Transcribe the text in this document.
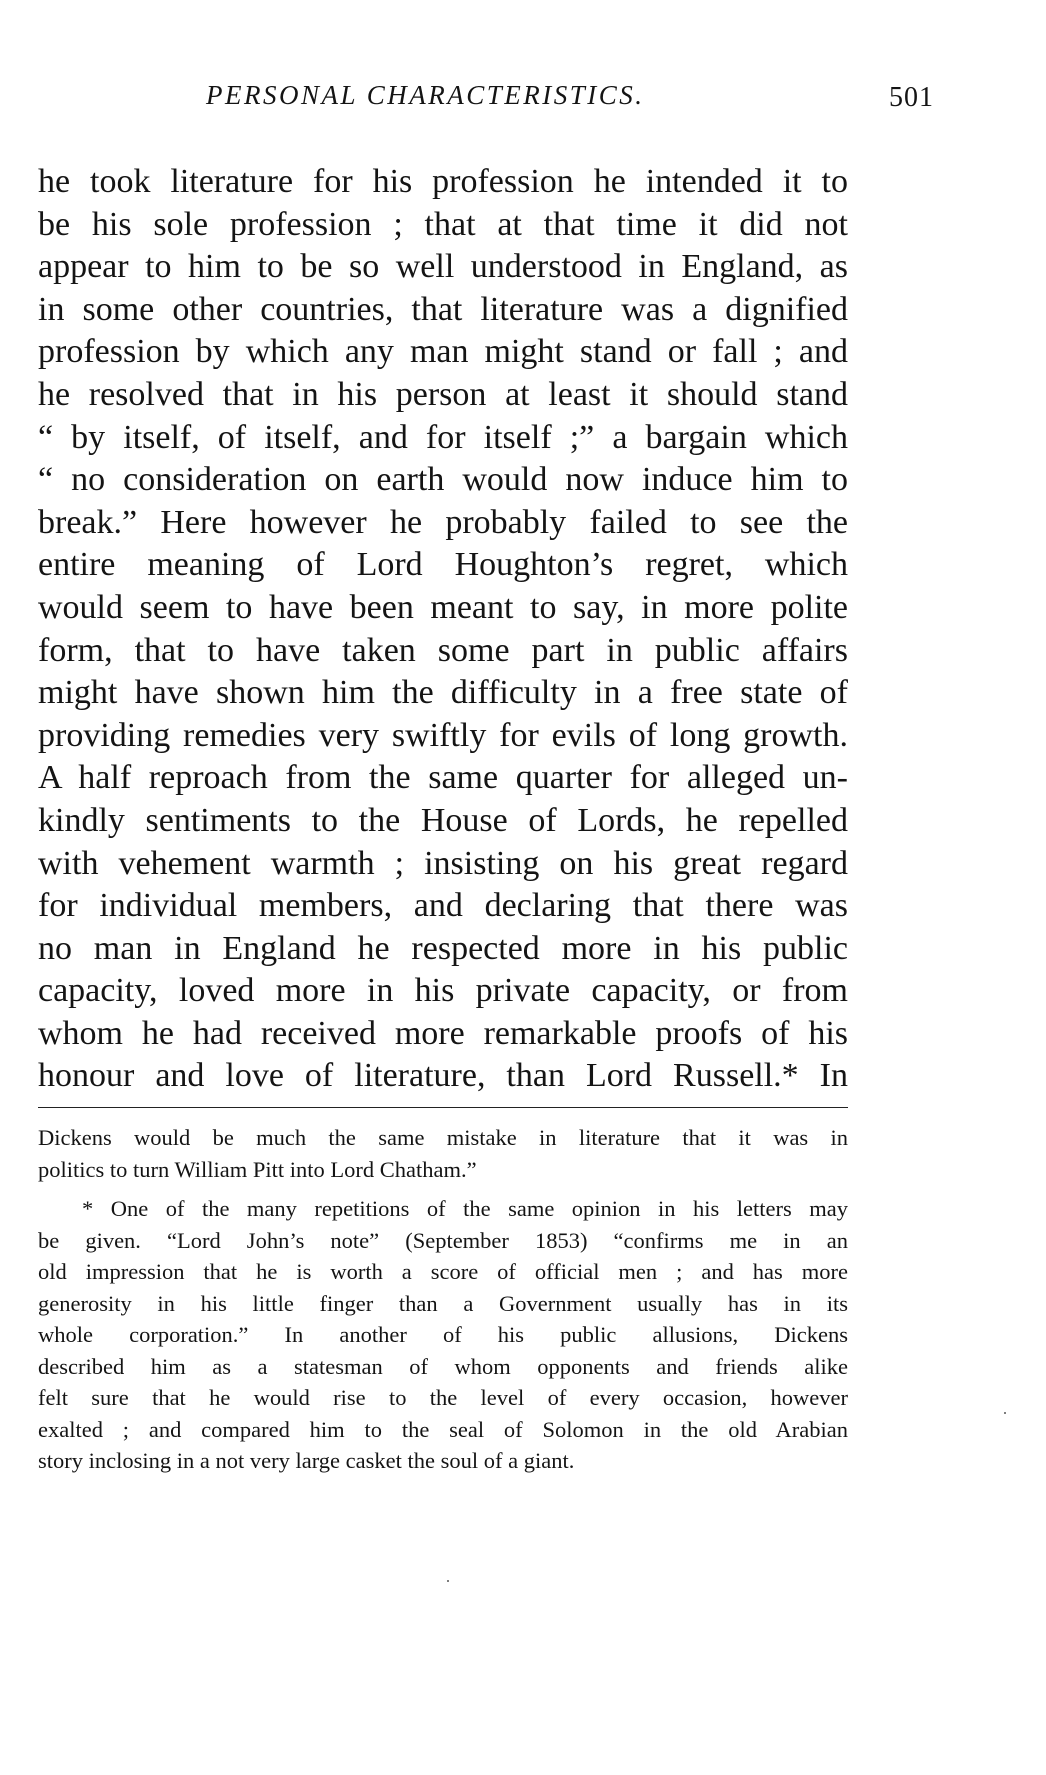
PERSONAL CHARACTERISTICS.	501
he took literature for his profession he intended it to
be his sole profession ; that at that time it did not
appear to him to be so well understood in England, as
in some other countries, that literature was a dignified
profession by which any man might stand or fall ; and
he resolved that in his person at least it should stand
“ by itself, of itself, and for itself ;” a bargain which
“ no consideration on earth would now induce him to
break.” Here however he probably failed to see the
entire meaning of Lord Houghton’s regret, which
would seem to have been meant to say, in more polite
form, that to have taken some part in public affairs
might have shown him the difficulty in a free state of
providing remedies very swiftly for evils of long growth.
A half reproach from the same quarter for alleged un-
kindly sentiments to the House of Lords, he repelled
with vehement warmth ; insisting on his great regard
for individual members, and declaring that there was
no man in England he respected more in his public
capacity, loved more in his private capacity, or from
whom he had received more remarkable proofs of his
honour and love of literature, than Lord Russell.* In
Dickens would be much the same mistake in literature that it was in
politics to turn William Pitt into Lord Chatham.”
* One of the many repetitions of the same opinion in his letters may
be given. “Lord John’s note” (September 1853) “confirms me in an
old impression that he is worth a score of official men ; and has more
generosity in his little finger than a Government usually has in its
whole corporation.” In another of his public allusions, Dickens
described him as a statesman of whom opponents and friends alike
felt sure that he would rise to the level of every occasion, however
exalted ; and compared him to the seal of Solomon in the old Arabian
story inclosing in a not very large casket the soul of a giant.
